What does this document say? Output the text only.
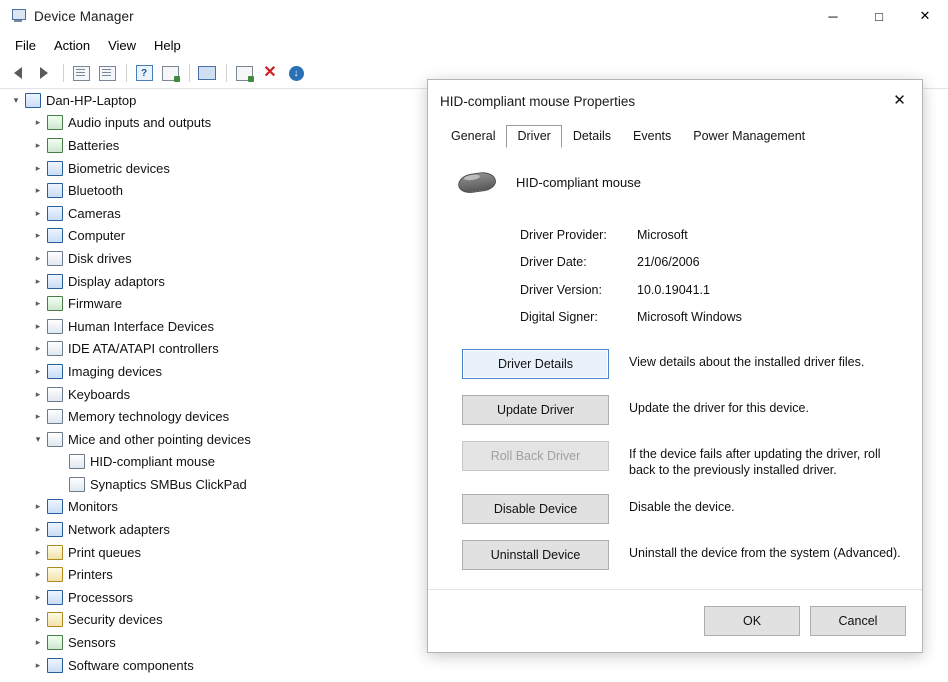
Device Manager	─	□	✕
File	Action	View	Help
?	✕	↓
▾	Dan-HP-Laptop
▸	Audio inputs and outputs
▸	Batteries
▸	Biometric devices
▸	Bluetooth
▸	Cameras
▸	Computer
▸	Disk drives
▸	Display adaptors
▸	Firmware
▸	Human Interface Devices
▸	IDE ATA/ATAPI controllers
▸	Imaging devices
▸	Keyboards
▸	Memory technology devices
▾	Mice and other pointing devices
HID-compliant mouse
Synaptics SMBus ClickPad
▸	Monitors
▸	Network adapters
▸	Print queues
▸	Printers
▸	Processors
▸	Security devices
▸	Sensors
▸	Software components
HID-compliant mouse Properties	✕
General	Driver	Details	Events	Power Management
HID-compliant mouse
Driver Provider:	Microsoft
Driver Date:	21/06/2006
Driver Version:	10.0.19041.1
Digital Signer:	Microsoft Windows
Driver Details	View details about the installed driver files.
Update Driver	Update the driver for this device.
Roll Back Driver	If the device fails after updating the driver, roll back to the previously installed driver.
Disable Device	Disable the device.
Uninstall Device	Uninstall the device from the system (Advanced).
OK	Cancel
